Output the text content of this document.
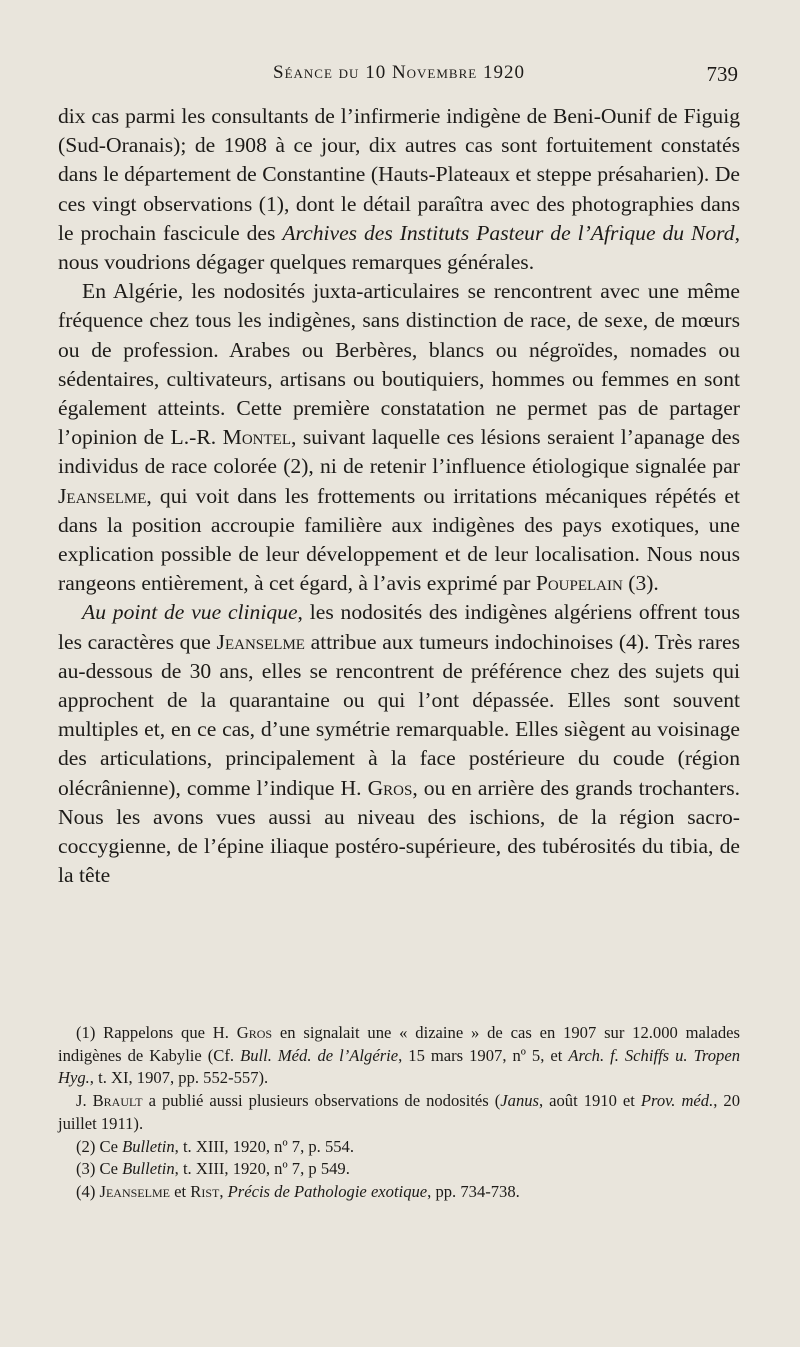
Séance du 10 Novembre 1920	739

dix cas parmi les consultants de l’infirmerie indigène de Beni-Ounif de Figuig (Sud-Oranais); de 1908 à ce jour, dix autres cas sont fortuitement constatés dans le département de Constantine (Hauts-Plateaux et steppe présaharien). De ces vingt observations (1), dont le détail paraîtra avec des photographies dans le prochain fascicule des Archives des Instituts Pasteur de l’Afrique du Nord, nous voudrions dégager quelques remarques générales.

En Algérie, les nodosités juxta-articulaires se rencontrent avec une même fréquence chez tous les indigènes, sans distinction de race, de sexe, de mœurs ou de profession. Arabes ou Berbères, blancs ou négroïdes, nomades ou sédentaires, cultivateurs, artisans ou boutiquiers, hommes ou femmes en sont également atteints. Cette première constatation ne permet pas de partager l’opinion de L.-R. Montel, suivant laquelle ces lésions seraient l’apanage des individus de race colorée (2), ni de retenir l’influence étiologique signalée par Jeanselme, qui voit dans les frottements ou irritations mécaniques répétés et dans la position accroupie familière aux indigènes des pays exotiques, une explication possible de leur développement et de leur localisation. Nous nous rangeons entièrement, à cet égard, à l’avis exprimé par Poupelain (3).

Au point de vue clinique, les nodosités des indigènes algériens offrent tous les caractères que Jeanselme attribue aux tumeurs indochinoises (4). Très rares au-dessous de 30 ans, elles se rencontrent de préférence chez des sujets qui approchent de la quarantaine ou qui l’ont dépassée. Elles sont souvent multiples et, en ce cas, d’une symétrie remarquable. Elles siègent au voisinage des articulations, principalement à la face postérieure du coude (région olécrânienne), comme l’indique H. Gros, ou en arrière des grands trochanters. Nous les avons vues aussi au niveau des ischions, de la région sacro-coccygienne, de l’épine iliaque postéro-supérieure, des tubérosités du tibia, de la tête

(1) Rappelons que H. Gros en signalait une « dizaine » de cas en 1907 sur 12.000 malades indigènes de Kabylie (Cf. Bull. Méd. de l’Algérie, 15 mars 1907, nº 5, et Arch. f. Schiffs u. Tropen Hyg., t. XI, 1907, pp. 552-557).

J. Brault a publié aussi plusieurs observations de nodosités (Janus, août 1910 et Prov. méd., 20 juillet 1911).

(2) Ce Bulletin, t. XIII, 1920, nº 7, p. 554.

(3) Ce Bulletin, t. XIII, 1920, nº 7, p 549.

(4) Jeanselme et Rist, Précis de Pathologie exotique, pp. 734-738.
